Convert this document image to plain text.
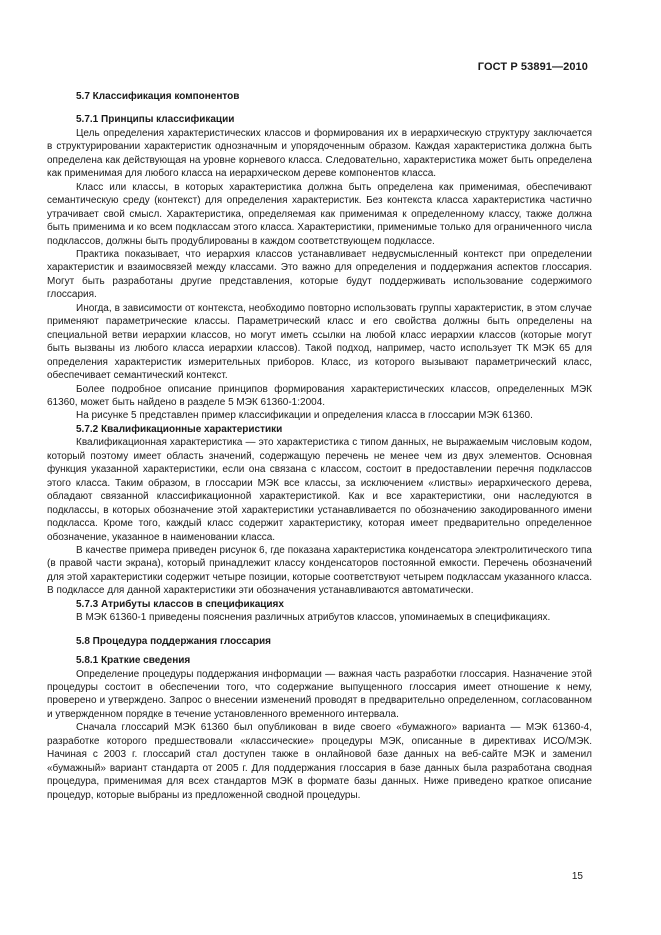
ГОСТ Р 53891—2010
5.7 Классификация компонентов
5.7.1 Принципы классификации

Цель определения характеристических классов и формирования их в иерархическую структуру заключается в структурировании характеристик однозначным и упорядоченным образом. Каждая характеристика должна быть определена как действующая на уровне корневого класса. Следовательно, характеристика может быть определена как применимая для любого класса на иерархическом дереве компонентов класса.

Класс или классы, в которых характеристика должна быть определена как применимая, обеспечивают семантическую среду (контекст) для определения характеристик. Без контекста класса характеристика частично утрачивает свой смысл. Характеристика, определяемая как применимая к определенному классу, также должна быть применима и ко всем подклассам этого класса. Характеристики, применимые только для ограниченного числа подклассов, должны быть продублированы в каждом соответствующем подклассе.

Практика показывает, что иерархия классов устанавливает недвусмысленный контекст при определении характеристик и взаимосвязей между классами. Это важно для определения и поддержания аспектов глоссария. Могут быть разработаны другие представления, которые будут поддерживать использование содержимого глоссария.

Иногда, в зависимости от контекста, необходимо повторно использовать группы характеристик, в этом случае применяют параметрические классы. Параметрический класс и его свойства должны быть определены на специальной ветви иерархии классов, но могут иметь ссылки на любой класс иерархии классов (которые могут быть вызваны из любого класса иерархии классов). Такой подход, например, часто использует ТК МЭК 65 для определения характеристик измерительных приборов. Класс, из которого вызывают параметрический класс, обеспечивает семантический контекст.

Более подробное описание принципов формирования характеристических классов, определенных МЭК 61360, может быть найдено в разделе 5 МЭК 61360-1:2004.

На рисунке 5 представлен пример классификации и определения класса в глоссарии МЭК 61360.

5.7.2 Квалификационные характеристики

Квалификационная характеристика — это характеристика с типом данных, не выражаемым числовым кодом, который поэтому имеет область значений, содержащую перечень не менее чем из двух элементов. Основная функция указанной характеристики, если она связана с классом, состоит в предоставлении перечня подклассов этого класса. Таким образом, в глоссарии МЭК все классы, за исключением «листвы» иерархического дерева, обладают связанной классификационной характеристикой. Как и все характеристики, они наследуются в подклассы, в которых обозначение этой характеристики устанавливается по обозначению закодированного имени подкласса. Кроме того, каждый класс содержит характеристику, которая имеет предварительно определенное обозначение, указанное в наименовании класса.

В качестве примера приведен рисунок 6, где показана характеристика конденсатора электролитического типа (в правой части экрана), который принадлежит классу конденсаторов постоянной емкости. Перечень обозначений для этой характеристики содержит четыре позиции, которые соответствуют четырем подклассам указанного класса. В подклассе для данной характеристики эти обозначения устанавливаются автоматически.

5.7.3 Атрибуты классов в спецификациях

В МЭК 61360-1 приведены пояснения различных атрибутов классов, упоминаемых в спецификациях.

5.8 Процедура поддержания глоссария
5.8.1 Краткие сведения

Определение процедуры поддержания информации — важная часть разработки глоссария. Назначение этой процедуры состоит в обеспечении того, что содержание выпущенного глоссария имеет отношение к нему, проверено и утверждено. Запрос о внесении изменений проводят в предварительно определенном, согласованном и утвержденном порядке в течение установленного временного интервала.

Сначала глоссарий МЭК 61360 был опубликован в виде своего «бумажного» варианта — МЭК 61360-4, разработке которого предшествовали «классические» процедуры МЭК, описанные в директивах ИСО/МЭК. Начиная с 2003 г. глоссарий стал доступен также в онлайновой базе данных на веб-сайте МЭК и заменил «бумажный» вариант стандарта от 2005 г. Для поддержания глоссария в базе данных была разработана сводная процедура, применимая для всех стандартов МЭК в формате базы данных. Ниже приведено краткое описание процедур, которые выбраны из предложенной сводной процедуры.

15
